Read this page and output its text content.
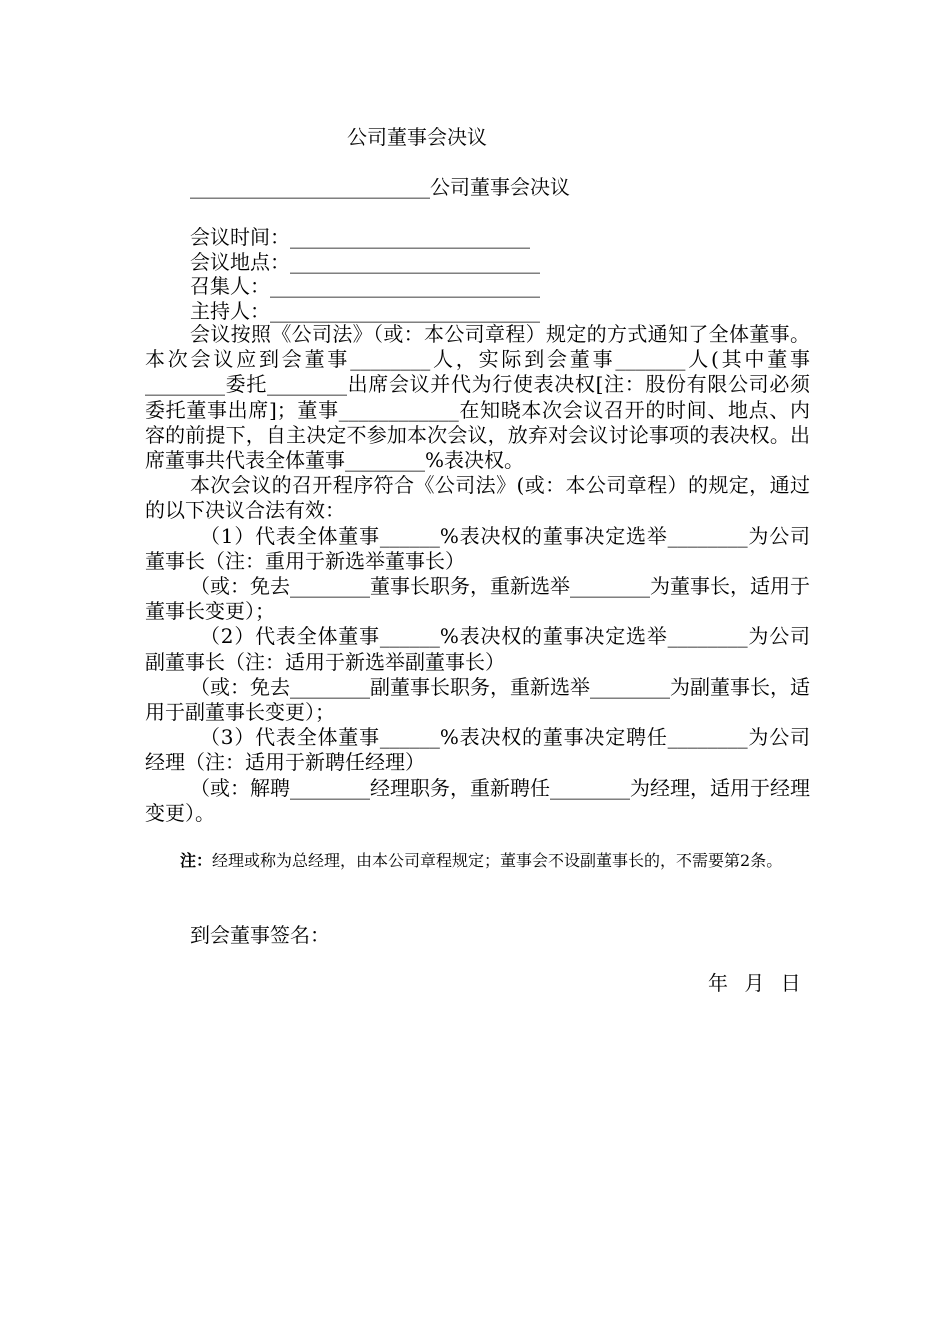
公司董事会决议
________________________公司董事会决议
会议时间：________________________
会议地点：_________________________
召集人：___________________________
主持人：___________________________

会议按照《公司法》（或：本公司章程）规定的方式通知了全体董事。本次会议应到会董事________人，实际到会董事_______人(其中董事________委托________出席会议并代为行使表决权[注：股份有限公司必须委托董事出席]；董事____________在知晓本次会议召开的时间、地点、内容的前提下，自主决定不参加本次会议，放弃对会议讨论事项的表决权。出席董事共代表全体董事________%表决权。

本次会议的召开程序符合《公司法》(或：本公司章程）的规定，通过的以下决议合法有效：

（1）代表全体董事______%表决权的董事决定选举________为公司董事长（注：重用于新选举董事长）

（或：免去________董事长职务，重新选举________为董事长，适用于董事长变更）；

（2）代表全体董事______%表决权的董事决定选举________为公司副董事长（注：适用于新选举副董事长）

（或：免去________副董事长职务，重新选举________为副董事长，适用于副董事长变更）；

（3）代表全体董事______%表决权的董事决定聘任________为公司经理（注：适用于新聘任经理）

（或：解聘________经理职务，重新聘任________为经理，适用于经理变更）。

注：经理或称为总经理，由本公司章程规定；董事会不设副董事长的，不需要第2条。
到会董事签名：
年 月 日
